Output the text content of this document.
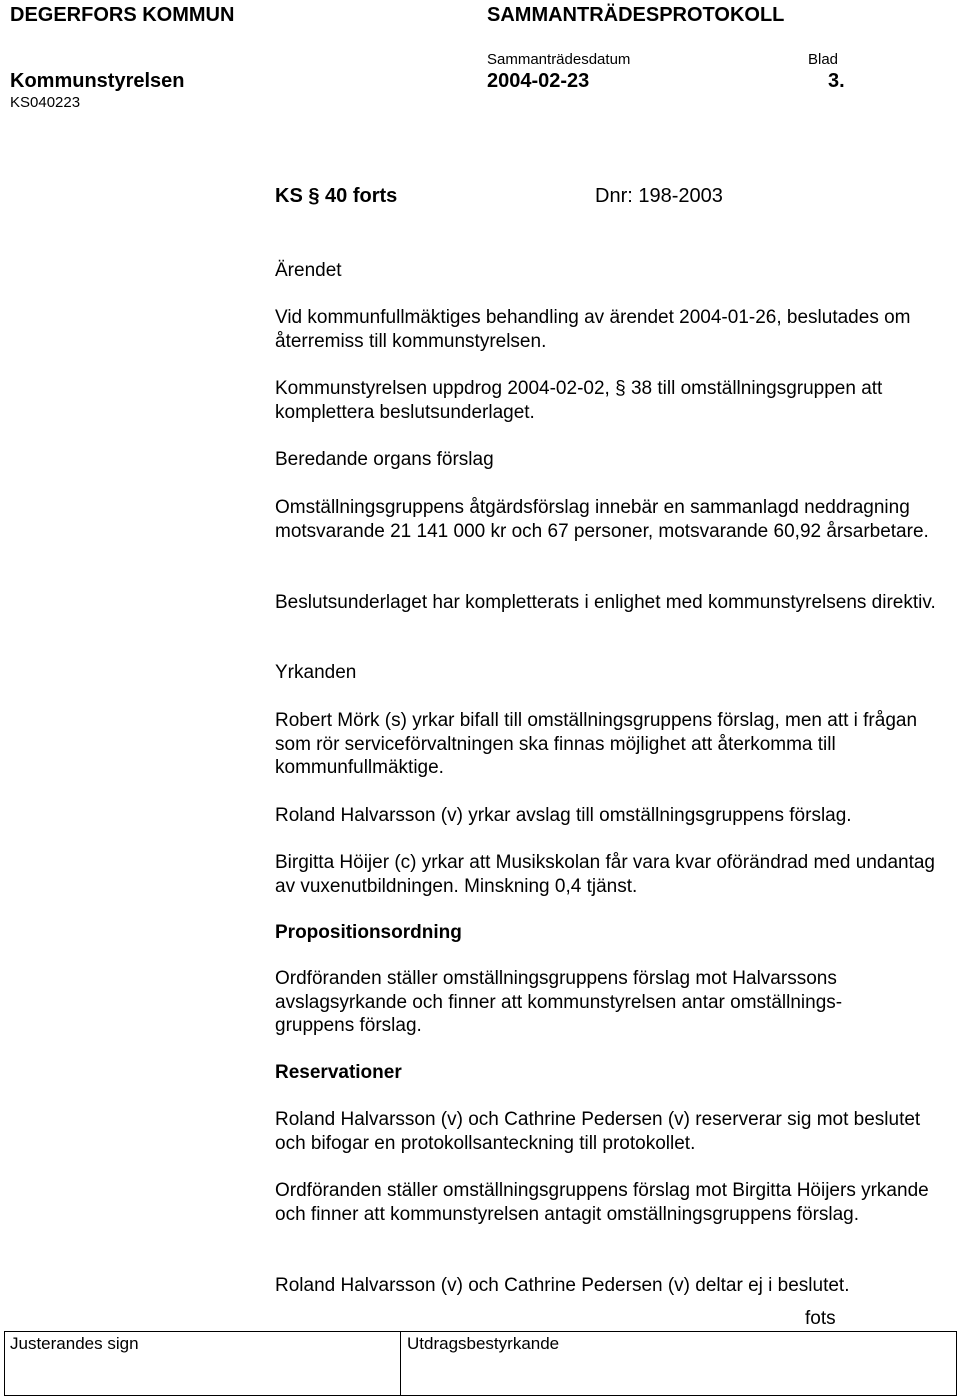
DEGERFORS KOMMUN	SAMMANTRÄDESPROTOKOLL
Sammanträdesdatum	Blad
Kommunstyrelsen	2004-02-23	3.
KS040223
KS § 40 forts	Dnr: 198-2003
Ärendet
Vid kommunfullmäktiges behandling av ärendet 2004-01-26, beslutades om återremiss till kommunstyrelsen.
Kommunstyrelsen uppdrog 2004-02-02, § 38 till omställningsgruppen att komplettera beslutsunderlaget.
Beredande organs förslag
Omställningsgruppens åtgärdsförslag innebär en sammanlagd neddragning motsvarande 21 141 000 kr och 67 personer, motsvarande 60,92 årsarbetare.
Beslutsunderlaget har kompletterats i enlighet med kommunstyrelsens direktiv.
Yrkanden
Robert Mörk (s) yrkar bifall till omställningsgruppens förslag, men att i frågan som rör serviceförvaltningen ska finnas möjlighet att återkomma till kommunfullmäktige.
Roland Halvarsson (v) yrkar avslag till omställningsgruppens förslag.
Birgitta Höijer (c) yrkar att Musikskolan får vara kvar oförändrad med undantag av vuxenutbildningen. Minskning 0,4 tjänst.
Propositionsordning
Ordföranden ställer omställningsgruppens förslag mot Halvarssons
avslagsyrkande och finner att kommunstyrelsen antar omställnings-
gruppens förslag.
Reservationer
Roland Halvarsson (v) och Cathrine Pedersen (v) reserverar sig mot beslutet och bifogar en protokollsanteckning till protokollet.
Ordföranden ställer omställningsgruppens förslag mot Birgitta Höijers yrkande och finner att kommunstyrelsen antagit omställningsgruppens förslag.
Roland Halvarsson (v) och Cathrine Pedersen (v) deltar ej i beslutet.
fots
Justerandes sign	Utdragsbestyrkande
